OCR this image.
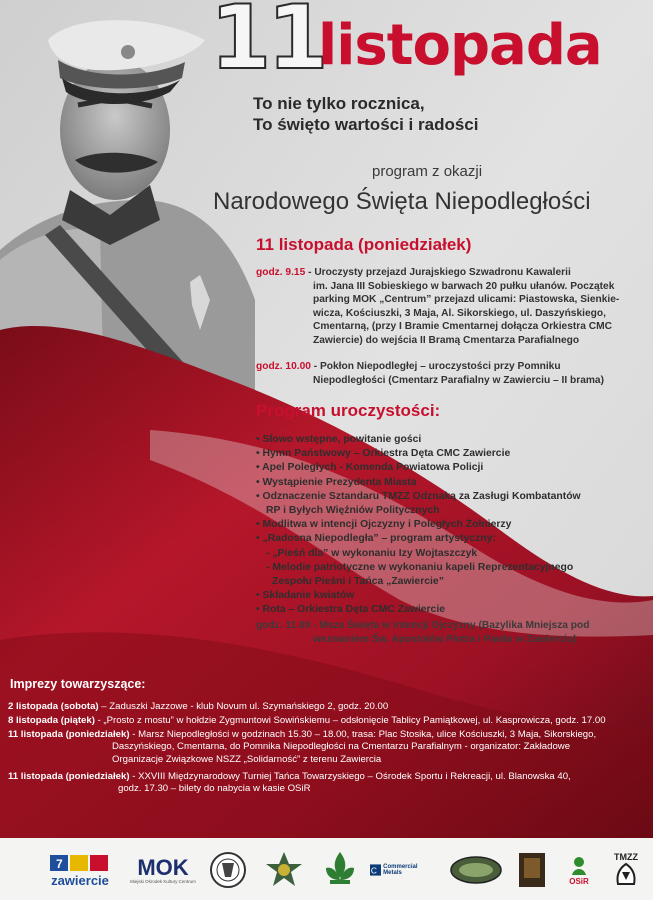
11
listopada
To nie tylko rocznica,
To święto wartości i radości
program z okazji
Narodowego Święta Niepodległości
11 listopada (poniedziałek)
godz. 9.15 - Uroczysty przejazd Jurajskiego Szwadronu Kawalerii
im. Jana III Sobieskiego w barwach 20 pułku ułanów. Początek
parking MOK „Centrum” przejazd ulicami: Piastowska, Sienkie-
wicza, Kościuszki, 3 Maja, Al. Sikorskiego, ul. Daszyńskiego,
Cmentarną, (przy I Bramie Cmentarnej dołącza Orkiestra CMC
Zawiercie) do wejścia II Bramą Cmentarza Parafialnego
godz. 10.00 - Pokłon Niepodległej – uroczystości przy Pomniku
Niepodległości (Cmentarz Parafialny w Zawierciu – II brama)
Program uroczystości:
• Słowo wstępne, powitanie gości
• Hymn Państwowy – Orkiestra Dęta CMC Zawiercie
• Apel Poległych - Komenda Powiatowa Policji
• Wystąpienie Prezydenta Miasta
• Odznaczenie Sztandaru TMZZ Odznaką za Zasługi Kombatantów
RP i Byłych Więźniów Politycznych
• Modlitwa w intencji Ojczyzny i Poległych Żołnierzy
• „Radosna Niepodległa” – program artystyczny:
- „Pieśń dla” w wykonaniu Izy Wojtaszczyk
- Melodie patriotyczne w wykonaniu kapeli Reprezentacyjnego
Zespołu Pieśni i Tańca „Zawiercie”
• Składanie kwiatów
• Rota – Orkiestra Dęta CMC Zawiercie
godz. 11.00 - Msza Święta w intencji Ojczyzny (Bazylika Mniejsza pod
wezwaniem Św. Apostołów Piotra i Pawła w Zawierciu)
Imprezy towarzyszące:
2 listopada (sobota) – Zaduszki Jazzowe - klub Novum ul. Szymańskiego 2, godz. 20.00
8 listopada (piątek) - „Prosto z mostu” w hołdzie Zygmuntowi Sowińskiemu – odsłonięcie Tablicy Pamiątkowej, ul. Kasprowicza, godz. 17.00
11 listopada (poniedziałek) - Marsz Niepodległości w godzinach 15.30 – 18.00, trasa: Plac Stosika, ulice Kościuszki, 3 Maja, Sikorskiego,
Daszyńskiego, Cmentarna, do Pomnika Niepodległości na Cmentarzu Parafialnym - organizator: Zakładowe
Organizacje Związkowe NSZZ „Solidarność” z terenu Zawiercia
11 listopada (poniedziałek) - XXVIII Międzynarodowy Turniej Tańca Towarzyskiego – Ośrodek Sportu i Rekreacji, ul. Blanowska 40,
godz. 17.30 – bilety do nabycia w kasie OSiR
7
zawiercie
MOK
Miejski Ośrodek Kultury Centrum
C Commercial Metals
OSiR
TMZZ
